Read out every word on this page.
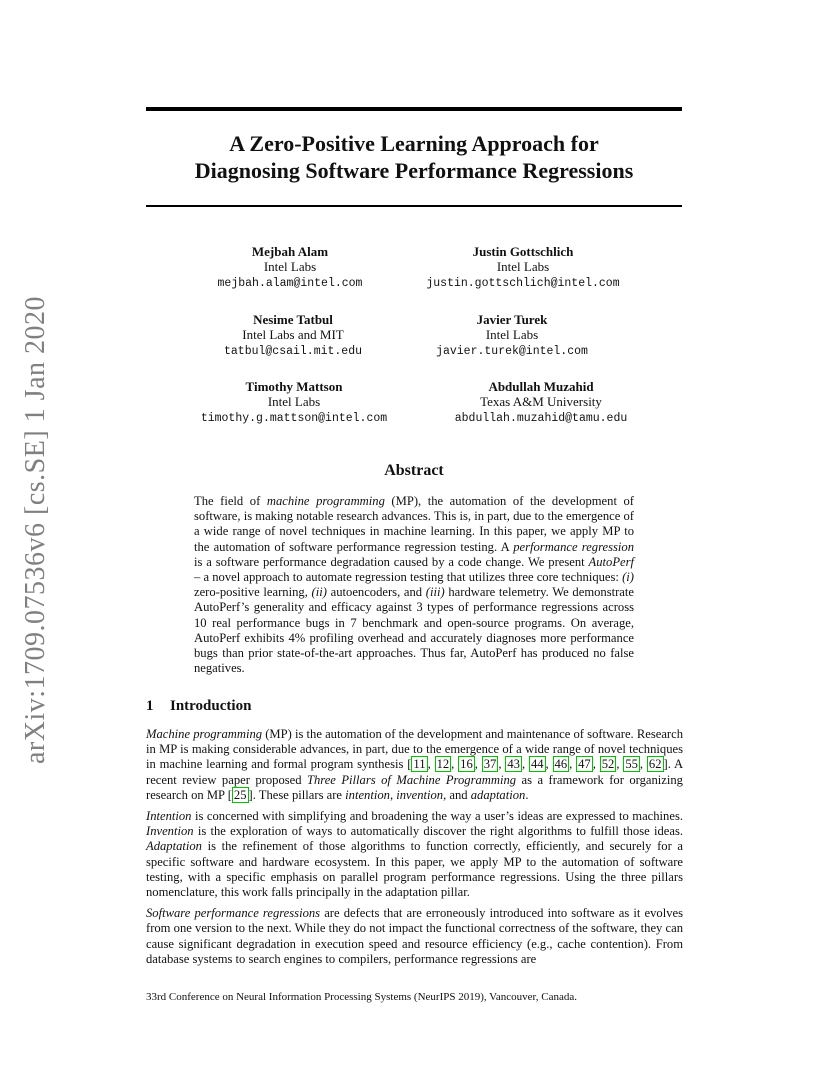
arXiv:1709.07536v6 [cs.SE] 1 Jan 2020
A Zero-Positive Learning Approach for
Diagnosing Software Performance Regressions
Mejbah Alam
Intel Labs
mejbah.alam@intel.com
Justin Gottschlich
Intel Labs
justin.gottschlich@intel.com
Nesime Tatbul
Intel Labs and MIT
tatbul@csail.mit.edu
Javier Turek
Intel Labs
javier.turek@intel.com
Timothy Mattson
Intel Labs
timothy.g.mattson@intel.com
Abdullah Muzahid
Texas A&M University
abdullah.muzahid@tamu.edu
Abstract

The field of machine programming (MP), the automation of the development of software, is making notable research advances. This is, in part, due to the emergence of a wide range of novel techniques in machine learning. In this paper, we apply MP to the automation of software performance regression testing. A performance regression is a software performance degradation caused by a code change. We present AutoPerf – a novel approach to automate regression testing that utilizes three core techniques: (i) zero-positive learning, (ii) autoencoders, and (iii) hardware telemetry. We demonstrate AutoPerf’s generality and efficacy against 3 types of performance regressions across 10 real performance bugs in 7 benchmark and open-source programs. On average, AutoPerf exhibits 4% profiling overhead and accurately diagnoses more performance bugs than prior state-of-the-art approaches. Thus far, AutoPerf has produced no false negatives.

1 Introduction

Machine programming (MP) is the automation of the development and maintenance of software. Research in MP is making considerable advances, in part, due to the emergence of a wide range of novel techniques in machine learning and formal program synthesis [ 11 , 12 , 16 , 37 , 43 , 44 , 46 , 47 , 52 , 55 , 62 ]. A recent review paper proposed Three Pillars of Machine Programming as a framework for organizing research on MP [ 25 ]. These pillars are intention, invention, and adaptation.

Intention is concerned with simplifying and broadening the way a user’s ideas are expressed to machines. Invention is the exploration of ways to automatically discover the right algorithms to fulfill those ideas. Adaptation is the refinement of those algorithms to function correctly, efficiently, and securely for a specific software and hardware ecosystem. In this paper, we apply MP to the automation of software testing, with a specific emphasis on parallel program performance regressions. Using the three pillars nomenclature, this work falls principally in the adaptation pillar.

Software performance regressions are defects that are erroneously introduced into software as it evolves from one version to the next. While they do not impact the functional correctness of the software, they can cause significant degradation in execution speed and resource efficiency (e.g., cache contention). From database systems to search engines to compilers, performance regressions are

33rd Conference on Neural Information Processing Systems (NeurIPS 2019), Vancouver, Canada.
